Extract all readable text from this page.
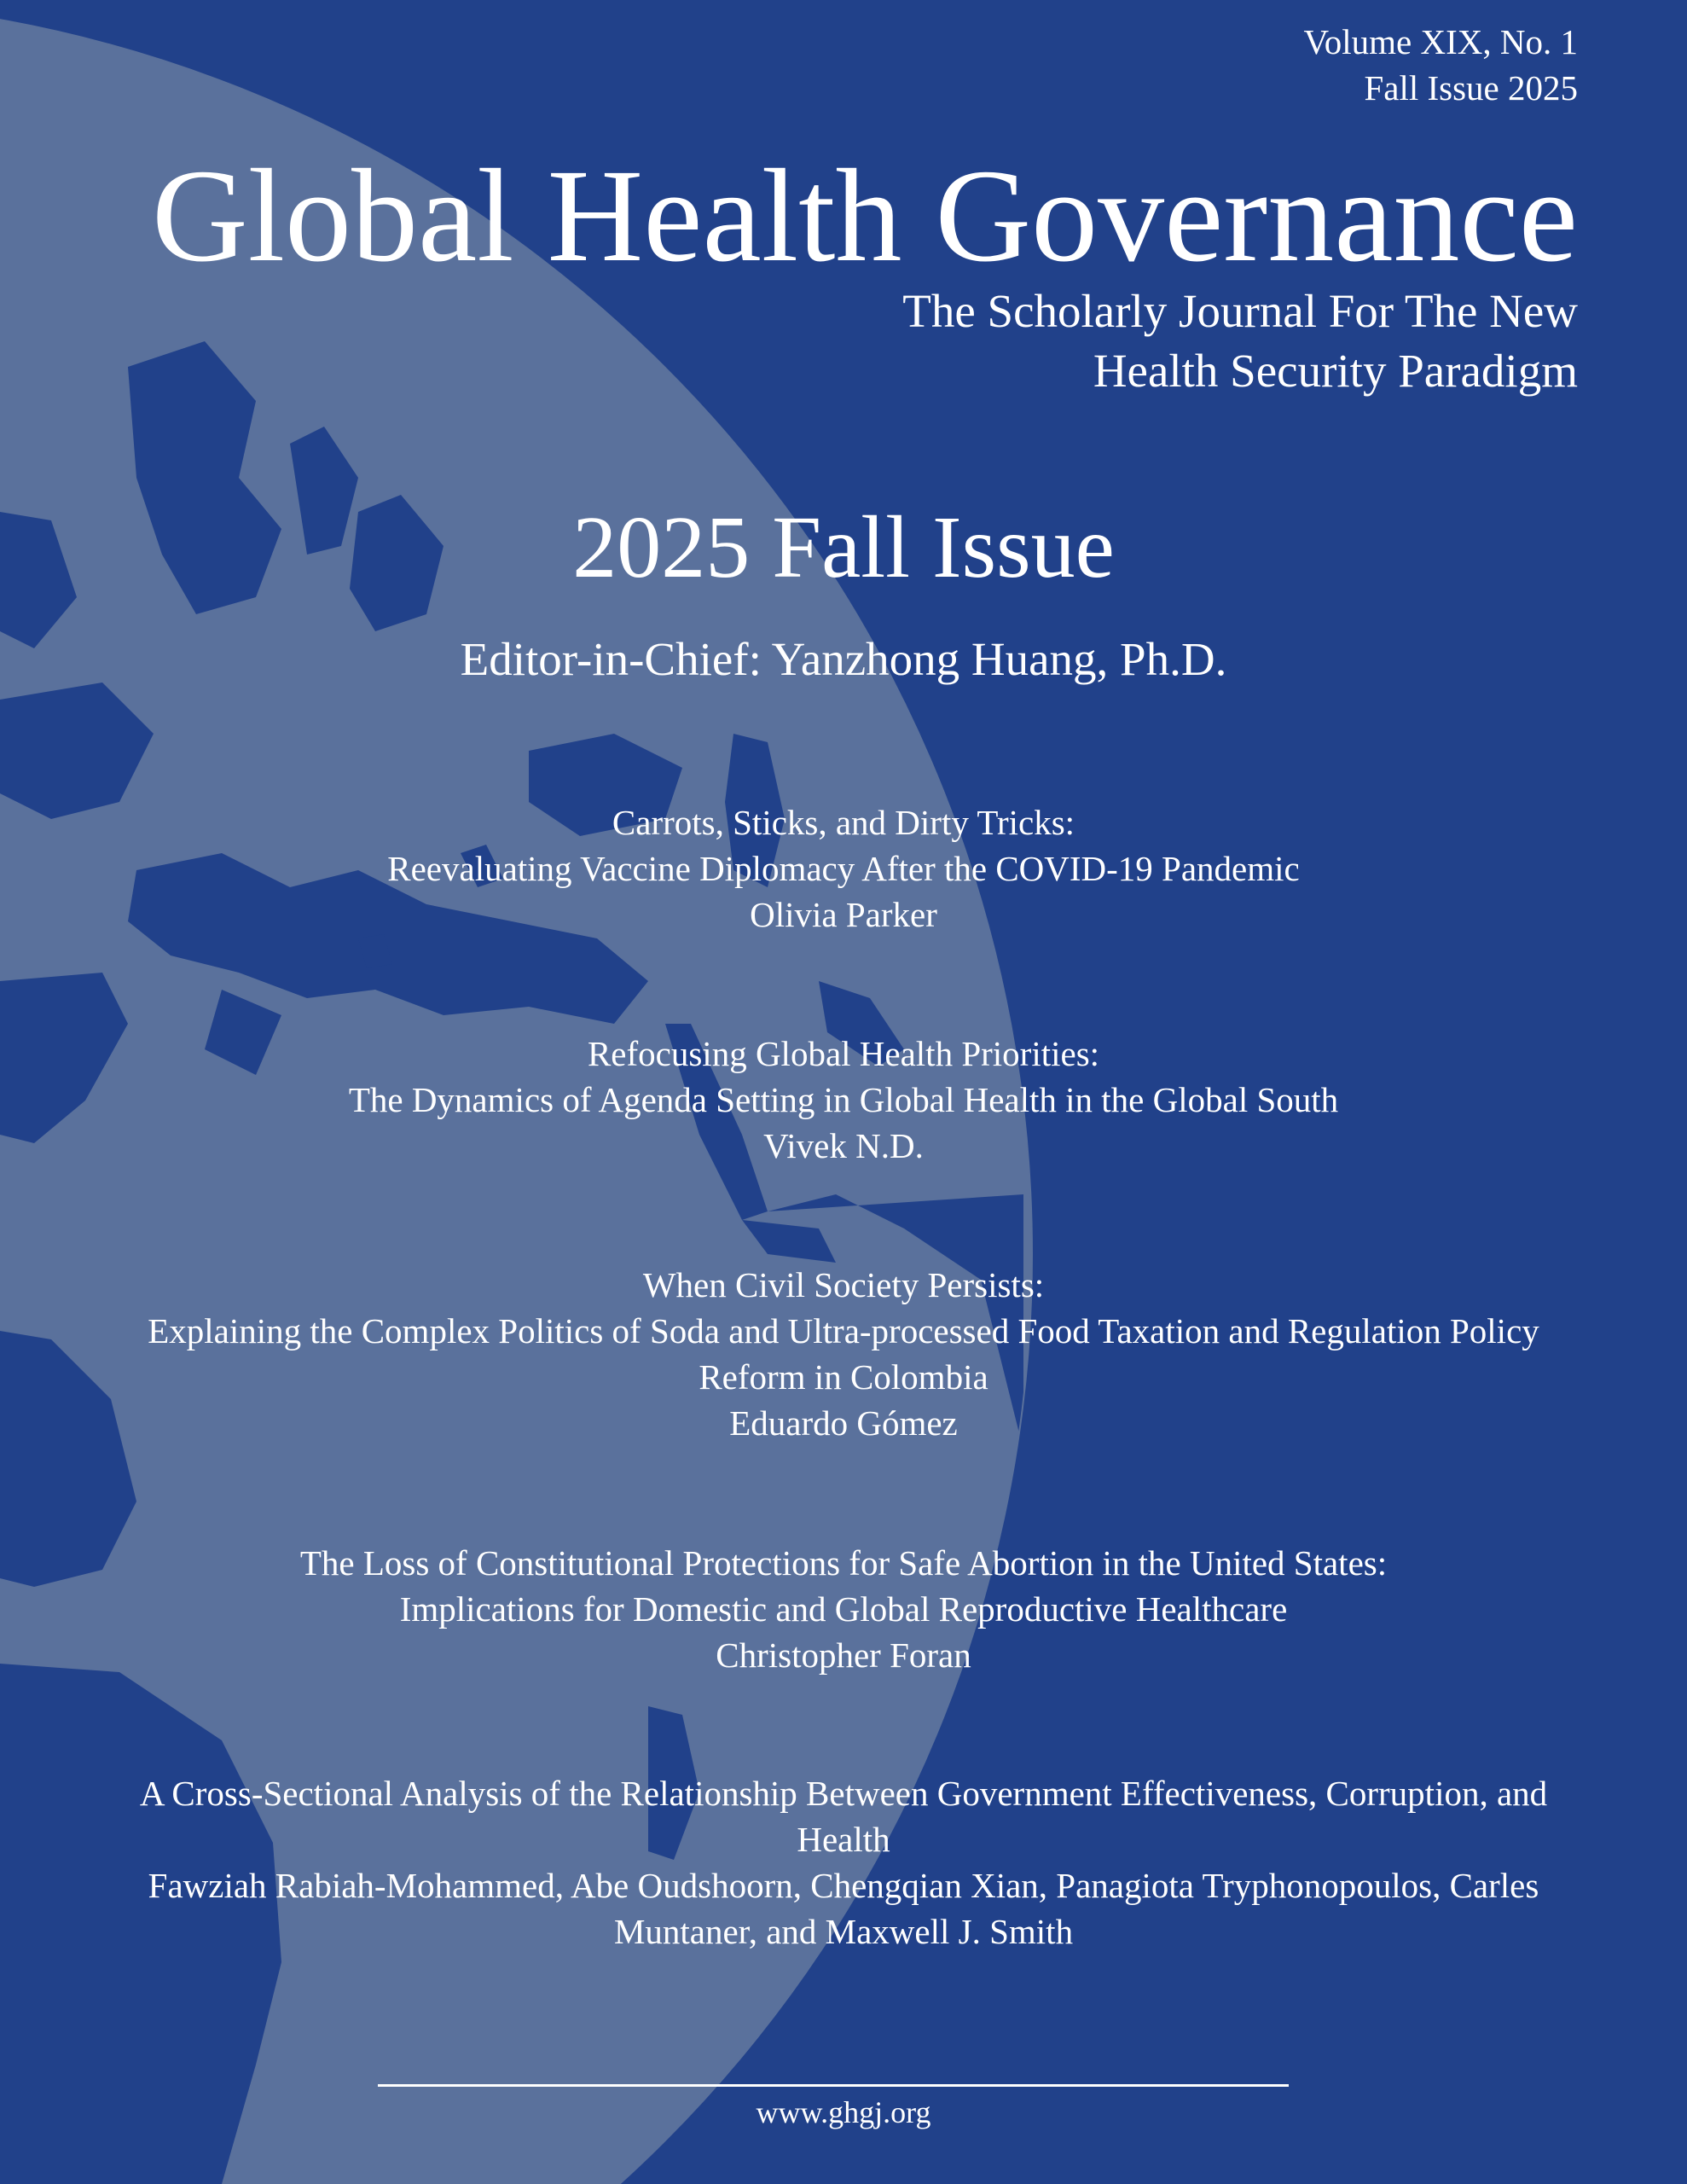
Volume XIX, No. 1
Fall Issue 2025
Global Health Governance
The Scholarly Journal For The New
Health Security Paradigm
2025 Fall Issue
Editor-in-Chief: Yanzhong Huang, Ph.D.
Carrots, Sticks, and Dirty Tricks:
Reevaluating Vaccine Diplomacy After the COVID-19 Pandemic
Olivia Parker
Refocusing Global Health Priorities:
The Dynamics of Agenda Setting in Global Health in the Global South
Vivek N.D.
When Civil Society Persists:
Explaining the Complex Politics of Soda and Ultra-processed Food Taxation and Regulation Policy
Reform in Colombia
Eduardo Gómez
The Loss of Constitutional Protections for Safe Abortion in the United States:
Implications for Domestic and Global Reproductive Healthcare
Christopher Foran
A Cross-Sectional Analysis of the Relationship Between Government Effectiveness, Corruption, and
Health
Fawziah Rabiah-Mohammed, Abe Oudshoorn, Chengqian Xian, Panagiota Tryphonopoulos, Carles
Muntaner, and Maxwell J. Smith
www.ghgj.org
